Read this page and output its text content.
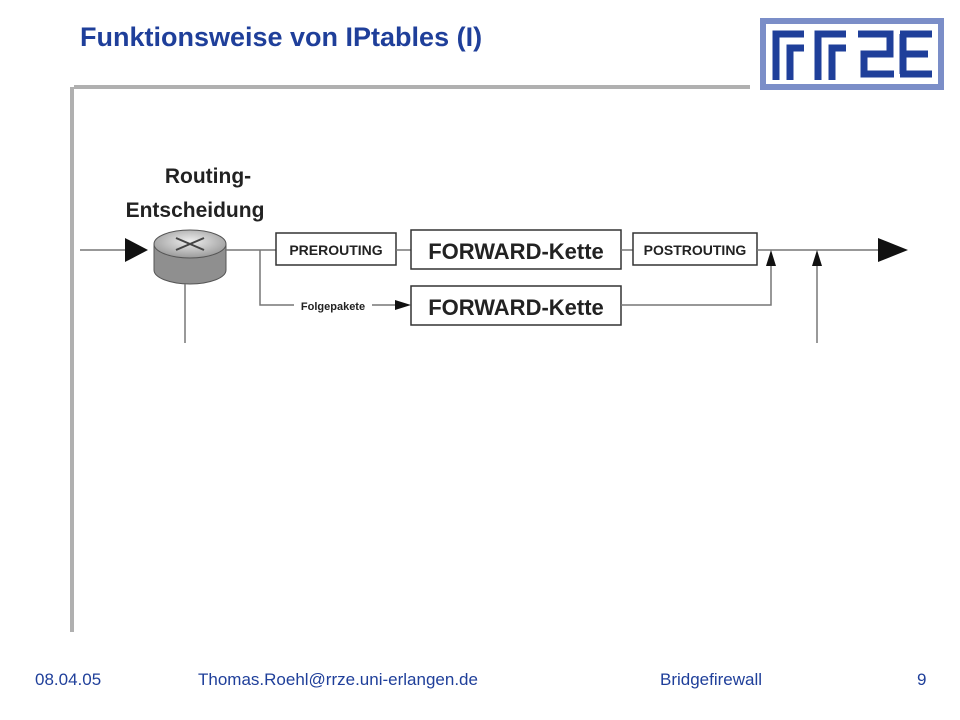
Funktionsweise von IPtables (I)
Routing-
Entscheidung
PREROUTING FORWARD-Kette	POSTROUTING
Folgepakete	FORWARD-Kette
08.04.05	Thomas.Roehl@rrze.uni-erlangen.de	Bridgefirewall	9
